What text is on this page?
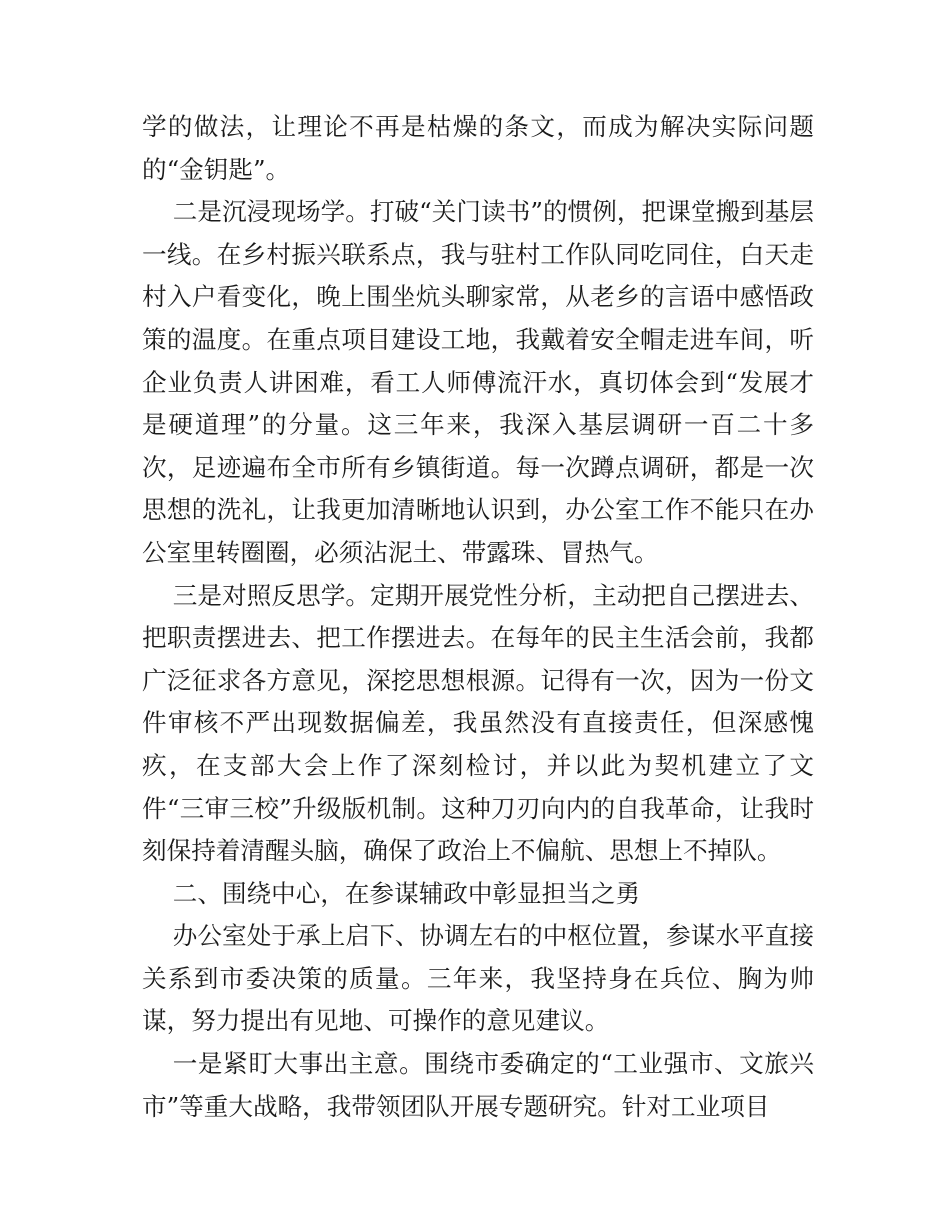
学的做法，让理论不再是枯燥的条文，而成为解决实际问题的“金钥匙”。

二是沉浸现场学。打破“关门读书”的惯例，把课堂搬到基层一线。在乡村振兴联系点，我与驻村工作队同吃同住，白天走村入户看变化，晚上围坐炕头聊家常，从老乡的言语中感悟政策的温度。在重点项目建设工地，我戴着安全帽走进车间，听企业负责人讲困难，看工人师傅流汗水，真切体会到“发展才是硬道理”的分量。这三年来，我深入基层调研一百二十多次，足迹遍布全市所有乡镇街道。每一次蹲点调研，都是一次思想的洗礼，让我更加清晰地认识到，办公室工作不能只在办公室里转圈圈，必须沾泥土、带露珠、冒热气。

三是对照反思学。定期开展党性分析，主动把自己摆进去、把职责摆进去、把工作摆进去。在每年的民主生活会前，我都广泛征求各方意见，深挖思想根源。记得有一次，因为一份文件审核不严出现数据偏差，我虽然没有直接责任，但深感愧疚，在支部大会上作了深刻检讨，并以此为契机建立了文件“三审三校”升级版机制。这种刀刃向内的自我革命，让我时刻保持着清醒头脑，确保了政治上不偏航、思想上不掉队。

二、围绕中心，在参谋辅政中彰显担当之勇

办公室处于承上启下、协调左右的中枢位置，参谋水平直接关系到市委决策的质量。三年来，我坚持身在兵位、胸为帅谋，努力提出有见地、可操作的意见建议。

一是紧盯大事出主意。围绕市委确定的“工业强市、文旅兴市”等重大战略，我带领团队开展专题研究。针对工业项目
